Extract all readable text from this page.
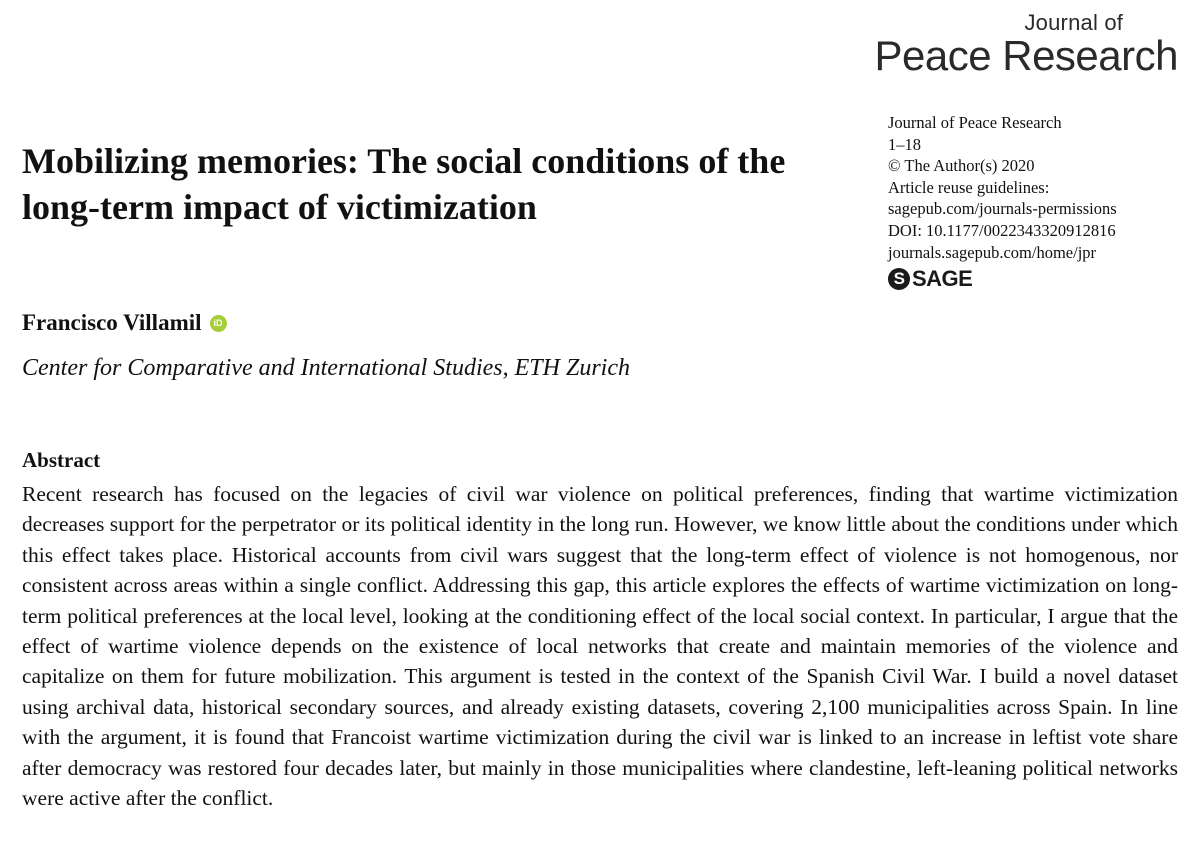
Journal of
Peace Research
Mobilizing memories: The social conditions of the long-term impact of victimization
Journal of Peace Research
1–18
© The Author(s) 2020
Article reuse guidelines:
sagepub.com/journals-permissions
DOI: 10.1177/0022343320912816
journals.sagepub.com/home/jpr
S SAGE
Francisco Villamil	iD
Center for Comparative and International Studies, ETH Zurich
Abstract

Recent research has focused on the legacies of civil war violence on political preferences, finding that wartime victimization decreases support for the perpetrator or its political identity in the long run. However, we know little about the conditions under which this effect takes place. Historical accounts from civil wars suggest that the long-term effect of violence is not homogenous, nor consistent across areas within a single conflict. Addressing this gap, this article explores the effects of wartime victimization on long-term political preferences at the local level, looking at the conditioning effect of the local social context. In particular, I argue that the effect of wartime violence depends on the existence of local networks that create and maintain memories of the violence and capitalize on them for future mobilization. This argument is tested in the context of the Spanish Civil War. I build a novel dataset using archival data, historical secondary sources, and already existing datasets, covering 2,100 municipalities across Spain. In line with the argument, it is found that Francoist wartime victimization during the civil war is linked to an increase in leftist vote share after democracy was restored four decades later, but mainly in those municipalities where clandestine, left-leaning political networks were active after the conflict.
